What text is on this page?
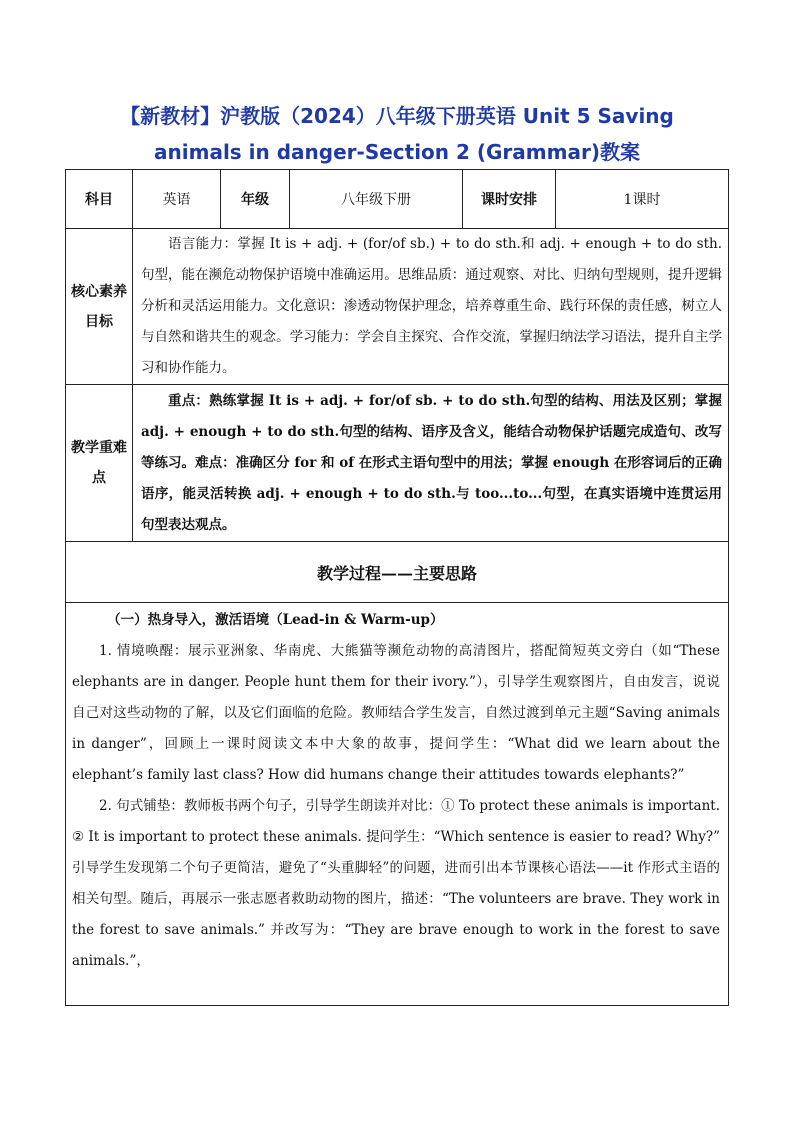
【新教材】沪教版（2024）八年级下册英语 Unit 5 Saving
animals in danger-Section 2 (Grammar)教案
科目	英语	年级	八年级下册	课时安排	1课时
核心素养目标	语言能力：掌握 It is + adj. + (for/of sb.) + to do sth.和 adj. + enough + to do sth.句型，能在濒危动物保护语境中准确运用。思维品质：通过观察、对比、归纳句型规则，提升逻辑分析和灵活运用能力。文化意识：渗透动物保护理念，培养尊重生命、践行环保的责任感，树立人与自然和谐共生的观念。学习能力：学会自主探究、合作交流，掌握归纳法学习语法，提升自主学习和协作能力。				
教学重难点	重点：熟练掌握 It is + adj. + for/of sb. + to do sth.句型的结构、用法及区别；掌握 adj. + enough + to do sth.句型的结构、语序及含义，能结合动物保护话题完成造句、改写等练习。难点：准确区分 for 和 of 在形式主语句型中的用法；掌握 enough 在形容词后的正确语序，能灵活转换 adj. + enough + to do sth.与 too...to...句型，在真实语境中连贯运用句型表达观点。				
教学过程——主要思路					

（一）热身导入，激活语境（Lead-in & Warm-up）

1. 情境唤醒：展示亚洲象、华南虎、大熊猫等濒危动物的高清图片，搭配简短英文旁白（如“These elephants are in danger. People hunt them for their ivory.”），引导学生观察图片，自由发言，说说自己对这些动物的了解，以及它们面临的危险。教师结合学生发言，自然过渡到单元主题“Saving animals in danger”，回顾上一课时阅读文本中大象的故事，提问学生：“What did we learn about the elephant’s family last class? How did humans change their attitudes towards elephants?”

2. 句式铺垫：教师板书两个句子，引导学生朗读并对比：① To protect these animals is important. ② It is important to protect these animals. 提问学生：“Which sentence is easier to read? Why?” 引导学生发现第二个句子更简洁，避免了“头重脚轻”的问题，进而引出本节课核心语法——it 作形式主语的相关句型。随后，再展示一张志愿者救助动物的图片，描述：“The volunteers are brave. They work in the forest to save animals.” 并改写为：“They are brave enough to work in the forest to save animals.”，					
